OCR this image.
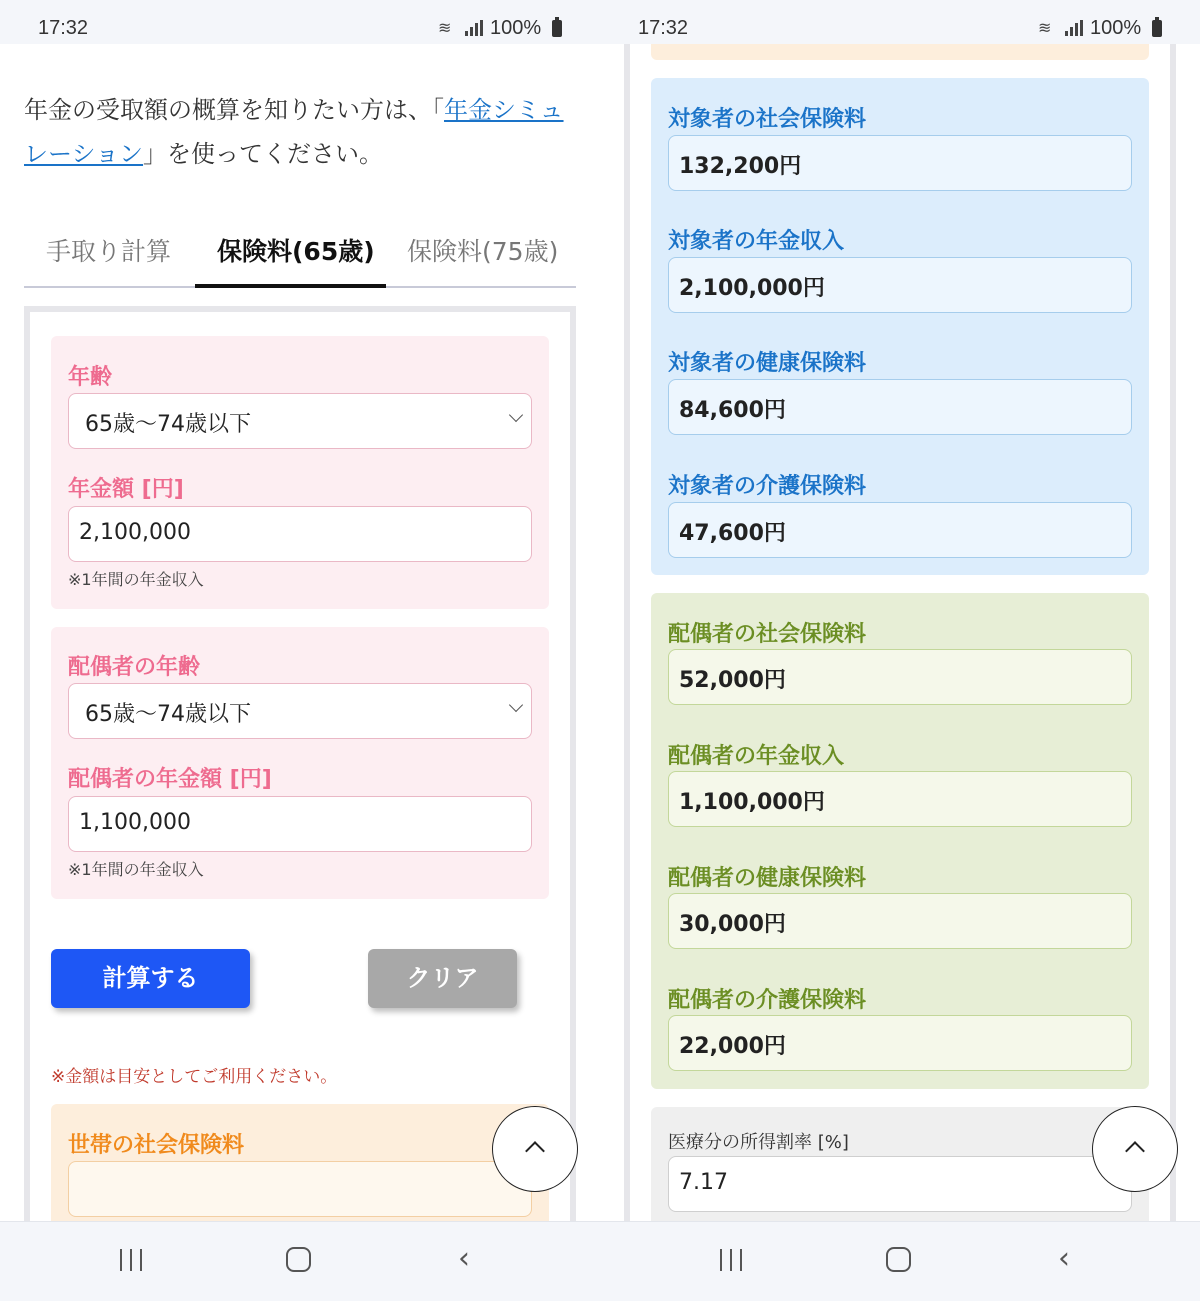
17:32	≋ 100%
年金の受取額の概算を知りたい方は、「年金シミュレーション」を使ってください。
手取り計算 保険料(65歳) 保険料(75歳)
年齢
65歳〜74歳以下
年金額 [円]
2,100,000
※1年間の年金収入
配偶者の年齢
65歳〜74歳以下
配偶者の年金額 [円]
1,100,000
※1年間の年金収入
計算する	クリア
※金額は目安としてご利用ください。
世帯の社会保険料
‹
17:32	≋ 100%
対象者の社会保険料
132,200円
対象者の年金収入
2,100,000円
対象者の健康保険料
84,600円
対象者の介護保険料
47,600円
配偶者の社会保険料
52,000円
配偶者の年金収入
1,100,000円
配偶者の健康保険料
30,000円
配偶者の介護保険料
22,000円
医療分の所得割率 [%]
7.17
‹
